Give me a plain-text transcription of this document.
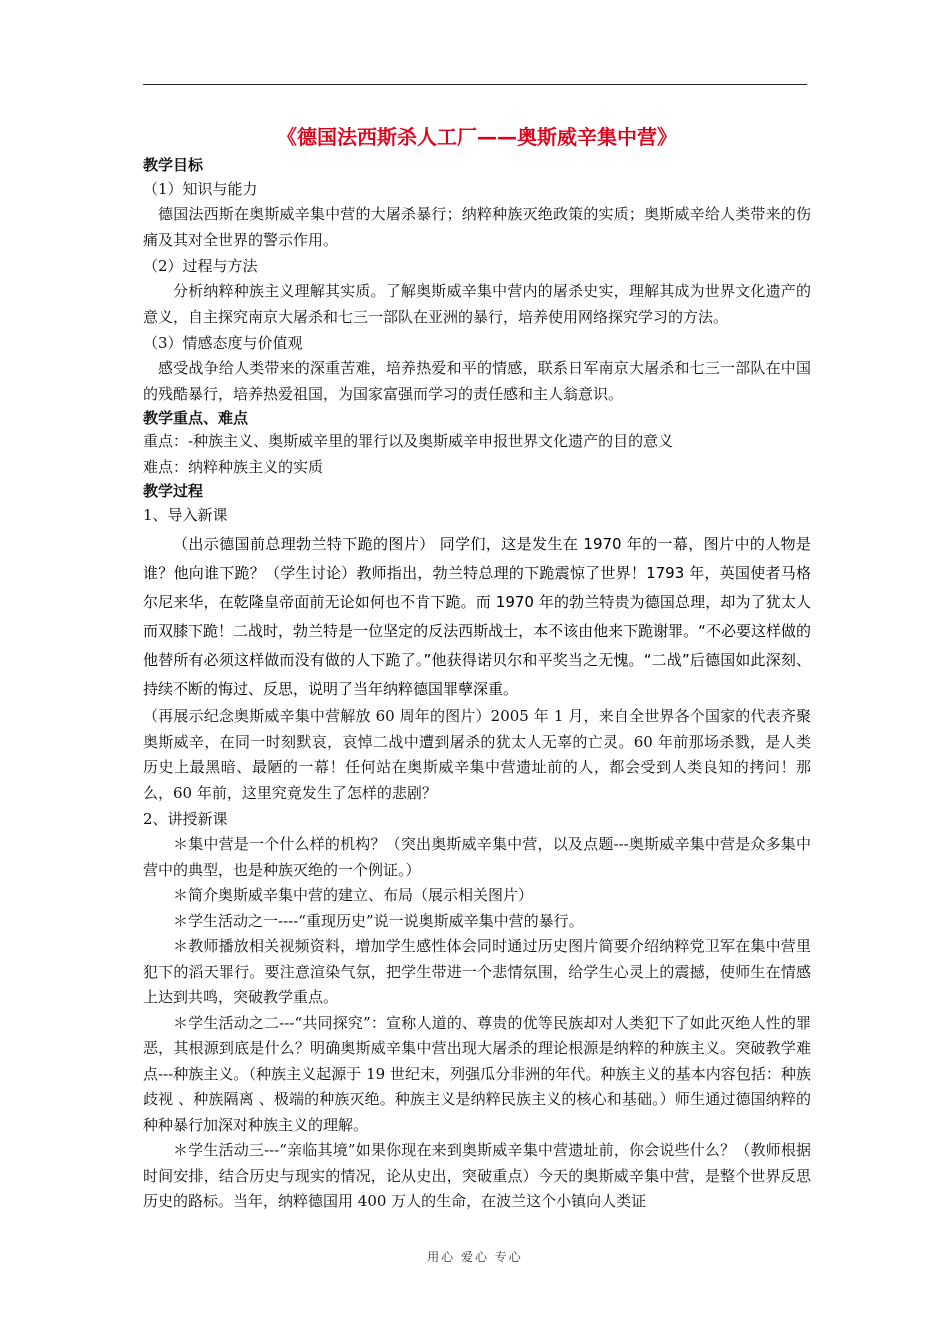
《德国法西斯杀人工厂——奥斯威辛集中营》
教学目标
（1）知识与能力

德国法西斯在奥斯威辛集中营的大屠杀暴行；纳粹种族灭绝政策的实质；奥斯威辛给人类带来的伤痛及其对全世界的警示作用。

（2）过程与方法

分析纳粹种族主义理解其实质。了解奥斯威辛集中营内的屠杀史实，理解其成为世界文化遗产的意义，自主探究南京大屠杀和七三一部队在亚洲的暴行，培养使用网络探究学习的方法。

（3）情感态度与价值观

感受战争给人类带来的深重苦难，培养热爱和平的情感，联系日军南京大屠杀和七三一部队在中国的残酷暴行，培养热爱祖国，为国家富强而学习的责任感和主人翁意识。

教学重点、难点

重点：-种族主义、奥斯威辛里的罪行以及奥斯威辛申报世界文化遗产的目的意义

难点：纳粹种族主义的实质

教学过程
1、导入新课

（出示德国前总理勃兰特下跪的图片） 同学们，这是发生在 1970 年的一幕，图片中的人物是谁？他向谁下跪？（学生讨论）教师指出，勃兰特总理的下跪震惊了世界！1793 年，英国使者马格尔尼来华，在乾隆皇帝面前无论如何也不肯下跪。而 1970 年的勃兰特贵为德国总理，却为了犹太人而双膝下跪！二战时，勃兰特是一位坚定的反法西斯战士，本不该由他来下跪谢罪。“不必要这样做的他替所有必须这样做而没有做的人下跪了。”他获得诺贝尔和平奖当之无愧。“二战”后德国如此深刻、持续不断的悔过、反思，说明了当年纳粹德国罪孽深重。

（再展示纪念奥斯威辛集中营解放 60 周年的图片）2005 年 1 月，来自全世界各个国家的代表齐聚奥斯威辛，在同一时刻默哀，哀悼二战中遭到屠杀的犹太人无辜的亡灵。60 年前那场杀戮，是人类历史上最黑暗、最陋的一幕！任何站在奥斯威辛集中营遗址前的人，都会受到人类良知的拷问！那么，60 年前，这里究竟发生了怎样的悲剧？

2、讲授新课

＊集中营是一个什么样的机构？（突出奥斯威辛集中营，以及点题---奥斯威辛集中营是众多集中营中的典型，也是种族灭绝的一个例证。）

＊简介奥斯威辛集中营的建立、布局（展示相关图片）

＊学生活动之一----“重现历史”说一说奥斯威辛集中营的暴行。

＊教师播放相关视频资料，增加学生感性体会同时通过历史图片简要介绍纳粹党卫军在集中营里犯下的滔天罪行。要注意渲染气氛，把学生带进一个悲情氛围，给学生心灵上的震撼，使师生在情感上达到共鸣，突破教学重点。

＊学生活动之二---“共同探究”：宣称人道的、尊贵的优等民族却对人类犯下了如此灭绝人性的罪恶，其根源到底是什么？明确奥斯威辛集中营出现大屠杀的理论根源是纳粹的种族主义。突破教学难点---种族主义。（种族主义起源于 19 世纪末，列强瓜分非洲的年代。种族主义的基本内容包括：种族歧视 、种族隔离 、极端的种族灭绝。种族主义是纳粹民族主义的核心和基础。）师生通过德国纳粹的种种暴行加深对种族主义的理解。

＊学生活动三---“亲临其境”如果你现在来到奥斯威辛集中营遗址前，你会说些什么？（教师根据时间安排，结合历史与现实的情况，论从史出，突破重点）今天的奥斯威辛集中营，是整个世界反思历史的路标。当年，纳粹德国用 400 万人的生命，在波兰这个小镇向人类证

用心 爱心 专心
